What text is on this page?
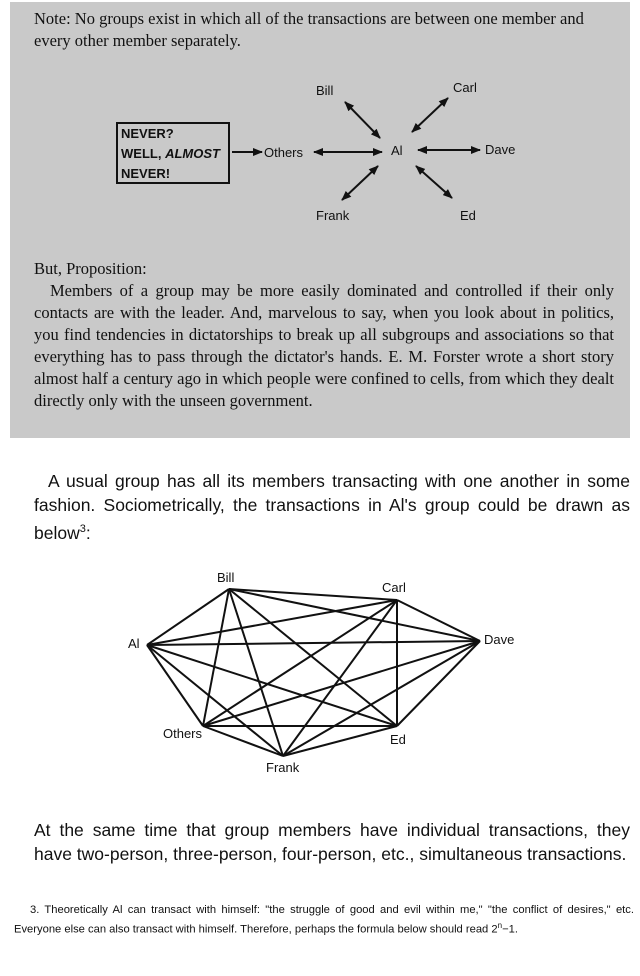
Note: No groups exist in which all of the transactions are between one member and every other member separately.

NEVER?
WELL, ALMOST
NEVER!
Al
Bill	Carl
Dave
Ed
Frank
Others
But, Proposition:

Members of a group may be more easily dominated and controlled if their only contacts are with the leader. And, marvelous to say, when you look about in politics, you find tendencies in dictatorships to break up all subgroups and associations so that everything has to pass through the dictator's hands. E. M. Forster wrote a short story almost half a century ago in which people were confined to cells, from which they dealt directly only with the unseen government.

A usual group has all its members transacting with one another in some fashion. Sociometrically, the transactions in Al's group could be drawn as below$^3$:

Bill
Carl
Al	Dave
Others	Ed
Frank

At the same time that group members have individual transactions, they have two-person, three-person, four-person, etc., simultaneous transactions.

3. Theoretically Al can transact with himself: "the struggle of good and evil within me," "the conflict of desires," etc. Everyone else can also transact with himself. Therefore, perhaps the formula below should read $2^n-1$.
